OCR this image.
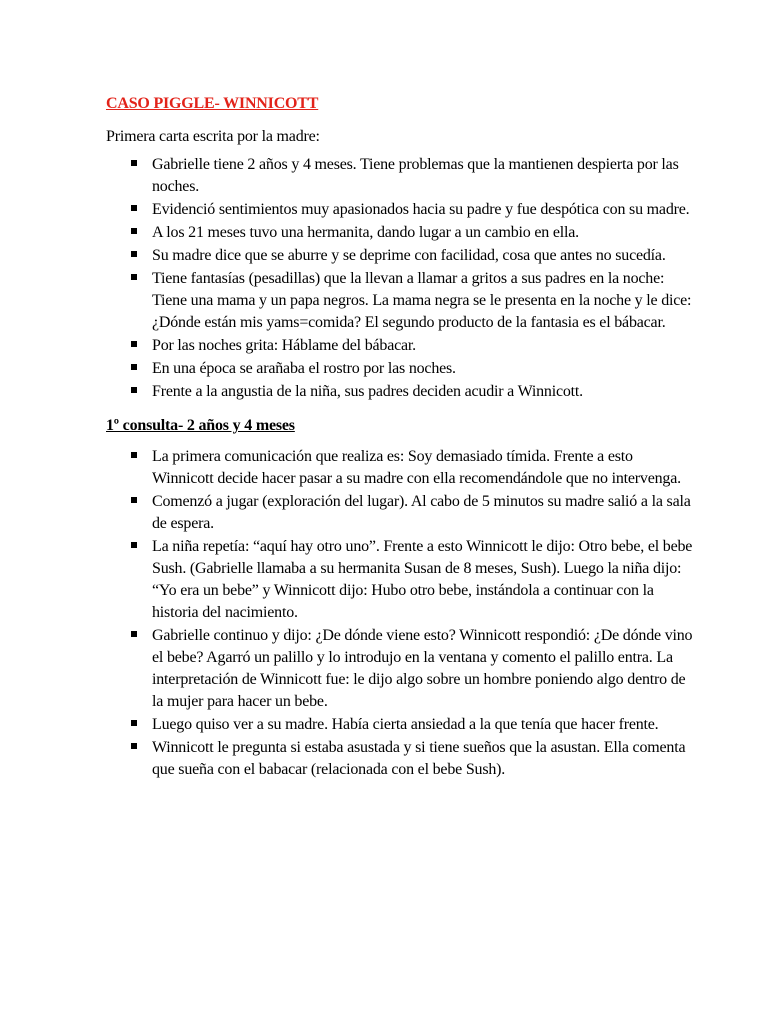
CASO PIGGLE- WINNICOTT

Primera carta escrita por la madre:

Gabrielle tiene 2 años y 4 meses. Tiene problemas que la mantienen despierta por las noches.
Evidenció sentimientos muy apasionados hacia su padre y fue despótica con su madre.
A los 21 meses tuvo una hermanita, dando lugar a un cambio en ella.
Su madre dice que se aburre y se deprime con facilidad, cosa que antes no sucedía.
Tiene fantasías (pesadillas) que la llevan a llamar a gritos a sus padres en la noche: Tiene una mama y un papa negros. La mama negra se le presenta en la noche y le dice: ¿Dónde están mis yams=comida? El segundo producto de la fantasia es el bábacar.
Por las noches grita: Háblame del bábacar.
En una época se arañaba el rostro por las noches.
Frente a la angustia de la niña, sus padres deciden acudir a Winnicott.

1º consulta- 2 años y 4 meses

La primera comunicación que realiza es: Soy demasiado tímida. Frente a esto Winnicott decide hacer pasar a su madre con ella recomendándole que no intervenga.
Comenzó a jugar (exploración del lugar). Al cabo de 5 minutos su madre salió a la sala de espera.
La niña repetía: “aquí hay otro uno”. Frente a esto Winnicott le dijo: Otro bebe, el bebe Sush. (Gabrielle llamaba a su hermanita Susan de 8 meses, Sush). Luego la niña dijo: “Yo era un bebe” y Winnicott dijo: Hubo otro bebe, instándola a continuar con la historia del nacimiento.
Gabrielle continuo y dijo: ¿De dónde viene esto? Winnicott respondió: ¿De dónde vino el bebe? Agarró un palillo y lo introdujo en la ventana y comento el palillo entra. La interpretación de Winnicott fue: le dijo algo sobre un hombre poniendo algo dentro de la mujer para hacer un bebe.
Luego quiso ver a su madre. Había cierta ansiedad a la que tenía que hacer frente.
Winnicott le pregunta si estaba asustada y si tiene sueños que la asustan. Ella comenta que sueña con el babacar (relacionada con el bebe Sush).
